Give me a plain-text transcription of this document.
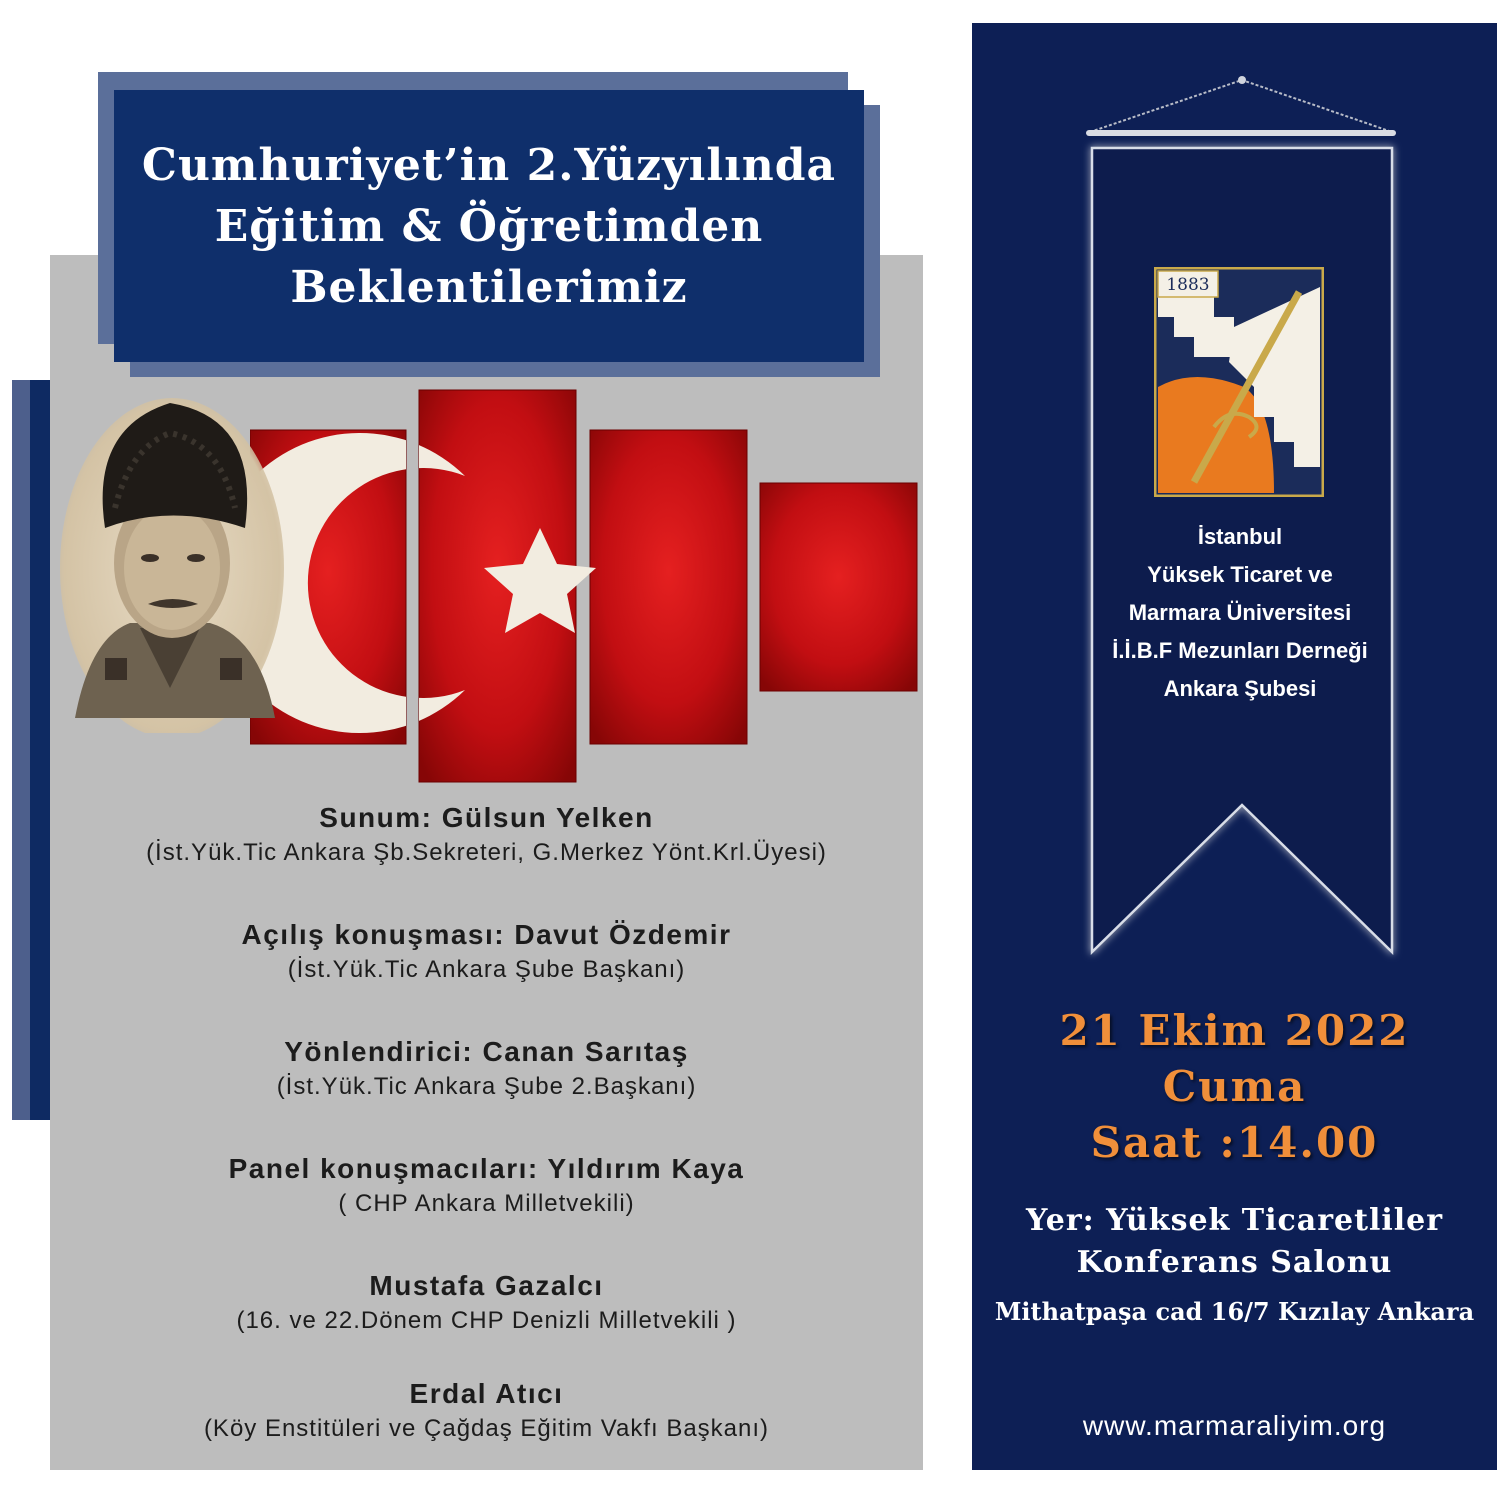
Cumhuriyet’in 2.Yüzyılında
Eğitim & Öğretimden
Beklentilerimiz
Sunum: Gülsun Yelken
(İst.Yük.Tic Ankara Şb.Sekreteri, G.Merkez Yönt.Krl.Üyesi)
Açılış konuşması: Davut Özdemir
(İst.Yük.Tic Ankara Şube Başkanı)
Yönlendirici: Canan Sarıtaş
(İst.Yük.Tic Ankara Şube 2.Başkanı)
Panel konuşmacıları: Yıldırım Kaya
( CHP Ankara Milletvekili)
Mustafa Gazalcı
(16. ve 22.Dönem CHP Denizli Milletvekili )
Erdal Atıcı
(Köy Enstitüleri ve Çağdaş Eğitim Vakfı Başkanı)
1883
İstanbul
Yüksek Ticaret ve
Marmara Üniversitesi
İ.İ.B.F Mezunları Derneği
Ankara Şubesi
21 Ekim 2022
Cuma
Saat :14.00
Yer: Yüksek Ticaretliler
Konferans Salonu
Mithatpaşa cad 16/7 Kızılay Ankara
www.marmaraliyim.org
